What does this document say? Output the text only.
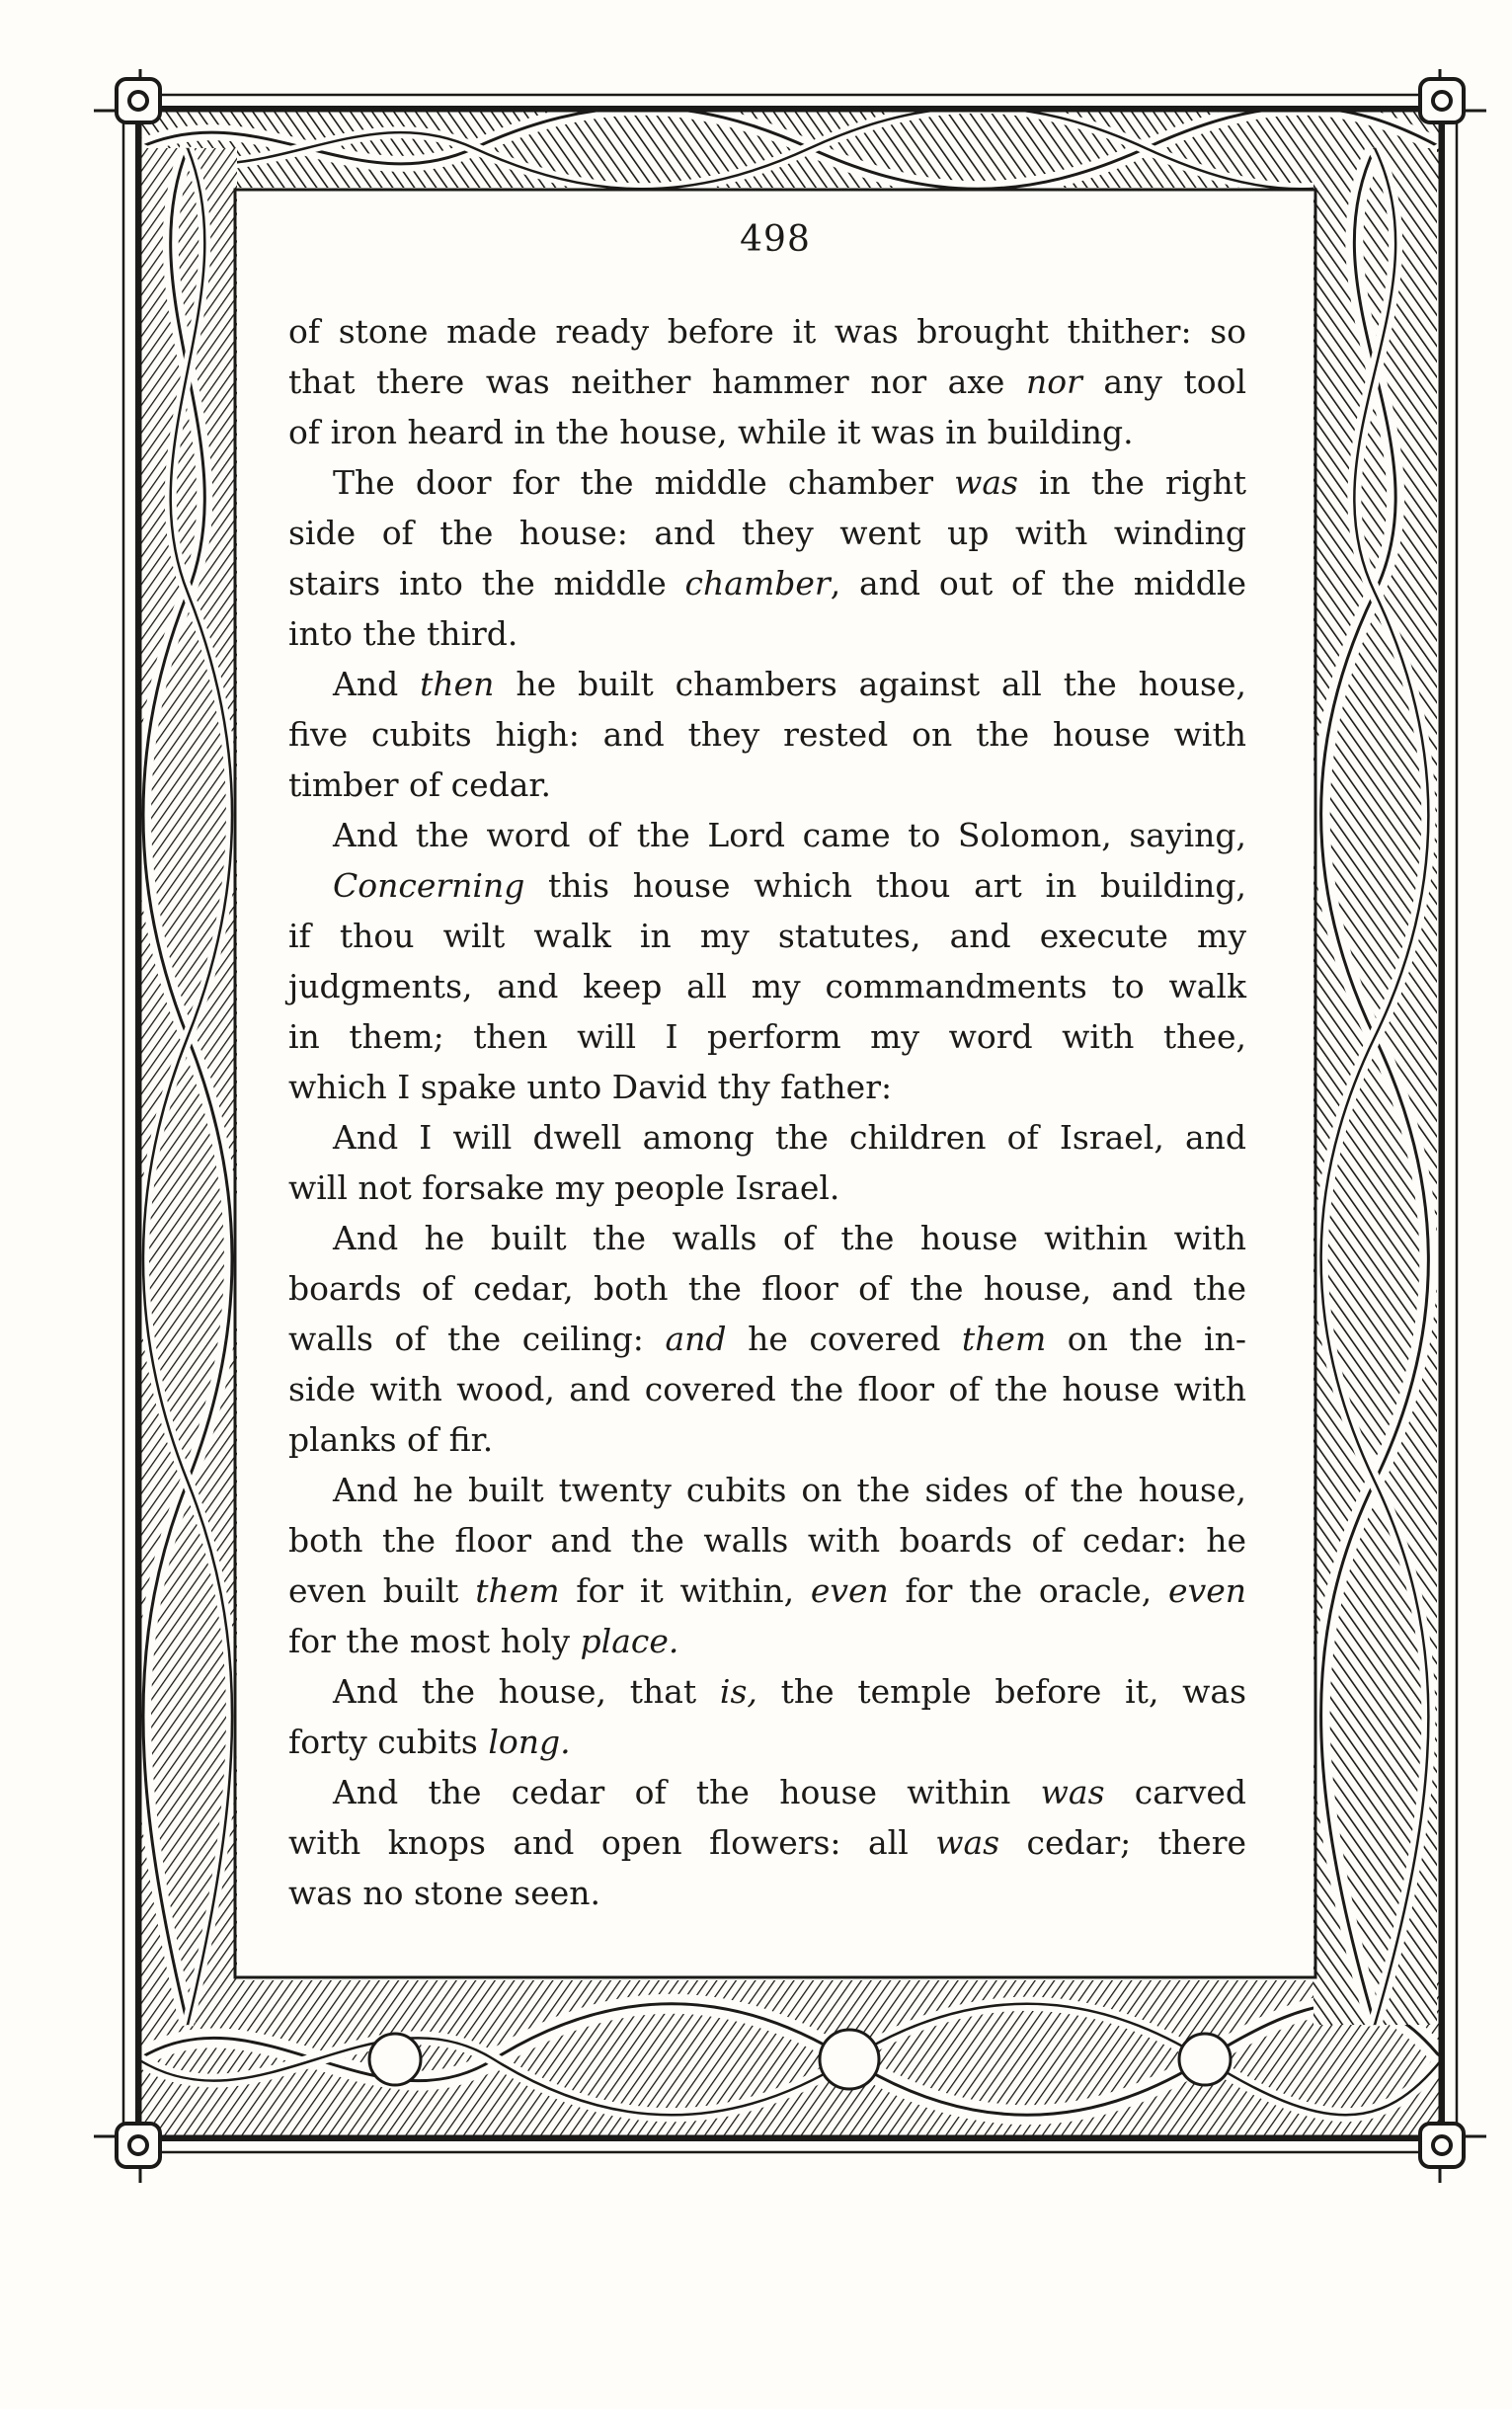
498
of stone made ready before it was brought thither: so
that there was neither hammer nor axe nor any tool
of iron heard in the house, while it was in building.
The door for the middle chamber was in the right
side of the house: and they went up with winding
stairs into the middle chamber, and out of the middle
into the third.
And then he built chambers against all the house,
five cubits high: and they rested on the house with
timber of cedar.
And the word of the Lord came to Solomon, saying,
Concerning this house which thou art in building,
if thou wilt walk in my statutes, and execute my
judgments, and keep all my commandments to walk
in them; then will I perform my word with thee,
which I spake unto David thy father:
And I will dwell among the children of Israel, and
will not forsake my people Israel.
And he built the walls of the house within with
boards of cedar, both the floor of the house, and the
walls of the ceiling: and he covered them on the in-
side with wood, and covered the floor of the house with
planks of fir.
And he built twenty cubits on the sides of the house,
both the floor and the walls with boards of cedar: he
even built them for it within, even for the oracle, even
for the most holy place.
And the house, that is, the temple before it, was
forty cubits long.
And the cedar of the house within was carved
with knops and open flowers: all was cedar; there
was no stone seen.
